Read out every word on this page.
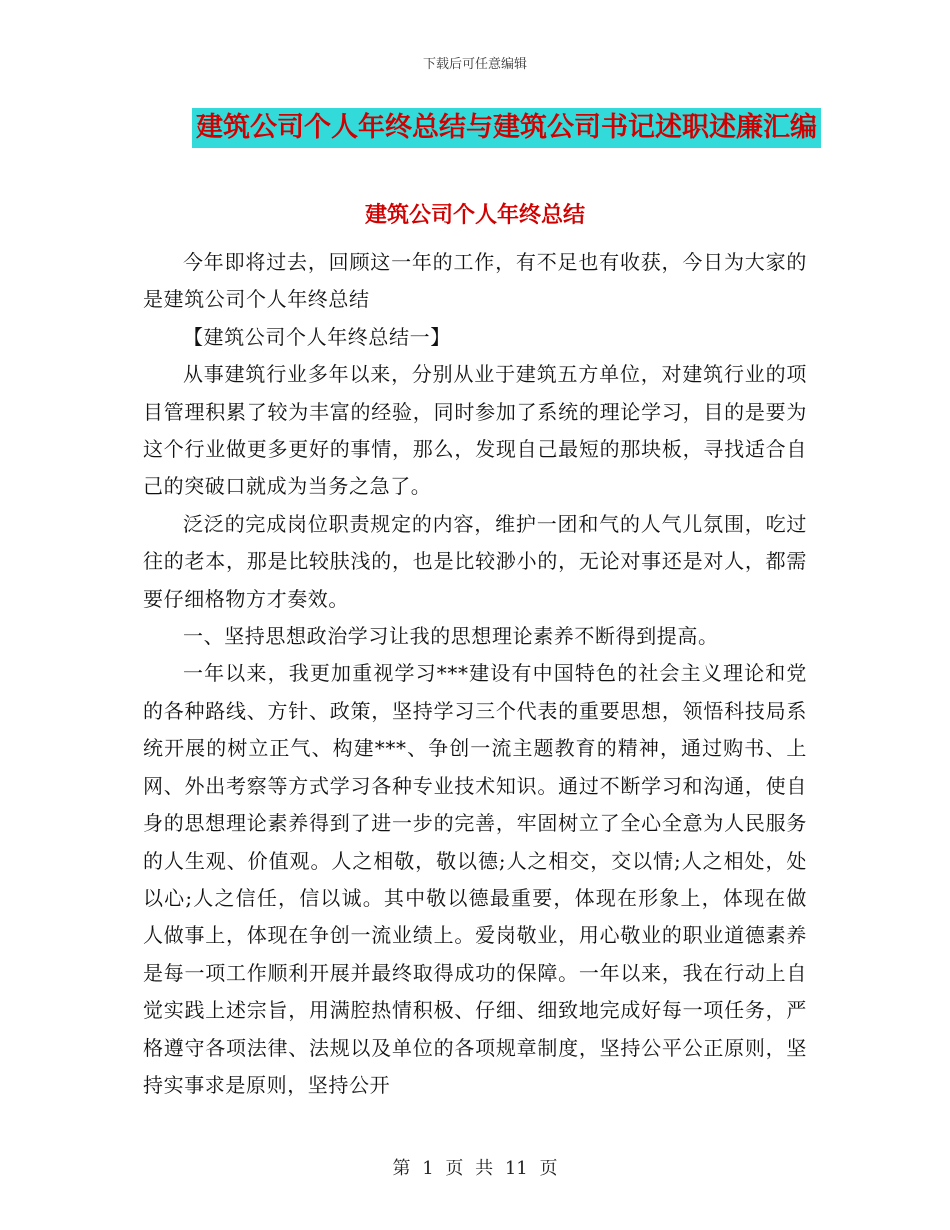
下载后可任意编辑
建筑公司个人年终总结与建筑公司书记述职述廉汇编
建筑公司个人年终总结

今年即将过去，回顾这一年的工作，有不足也有收获，今日为大家的是建筑公司个人年终总结

【建筑公司个人年终总结一】

从事建筑行业多年以来，分别从业于建筑五方单位，对建筑行业的项目管理积累了较为丰富的经验，同时参加了系统的理论学习，目的是要为这个行业做更多更好的事情，那么，发现自己最短的那块板，寻找适合自己的突破口就成为当务之急了。

泛泛的完成岗位职责规定的内容，维护一团和气的人气儿氛围，吃过往的老本，那是比较肤浅的，也是比较渺小的，无论对事还是对人，都需要仔细格物方才奏效。

一、坚持思想政治学习让我的思想理论素养不断得到提高。

一年以来，我更加重视学习***建设有中国特色的社会主义理论和党的各种路线、方针、政策，坚持学习三个代表的重要思想，领悟科技局系统开展的树立正气、构建***、争创一流主题教育的精神，通过购书、上网、外出考察等方式学习各种专业技术知识。通过不断学习和沟通，使自身的思想理论素养得到了进一步的完善，牢固树立了全心全意为人民服务的人生观、价值观。人之相敬，敬以德;人之相交，交以情;人之相处，处以心;人之信任，信以诚。其中敬以德最重要，体现在形象上，体现在做人做事上，体现在争创一流业绩上。爱岗敬业，用心敬业的职业道德素养是每一项工作顺利开展并最终取得成功的保障。一年以来，我在行动上自觉实践上述宗旨，用满腔热情积极、仔细、细致地完成好每一项任务，严格遵守各项法律、法规以及单位的各项规章制度，坚持公平公正原则，坚持实事求是原则，坚持公开

第 1 页 共 11 页
